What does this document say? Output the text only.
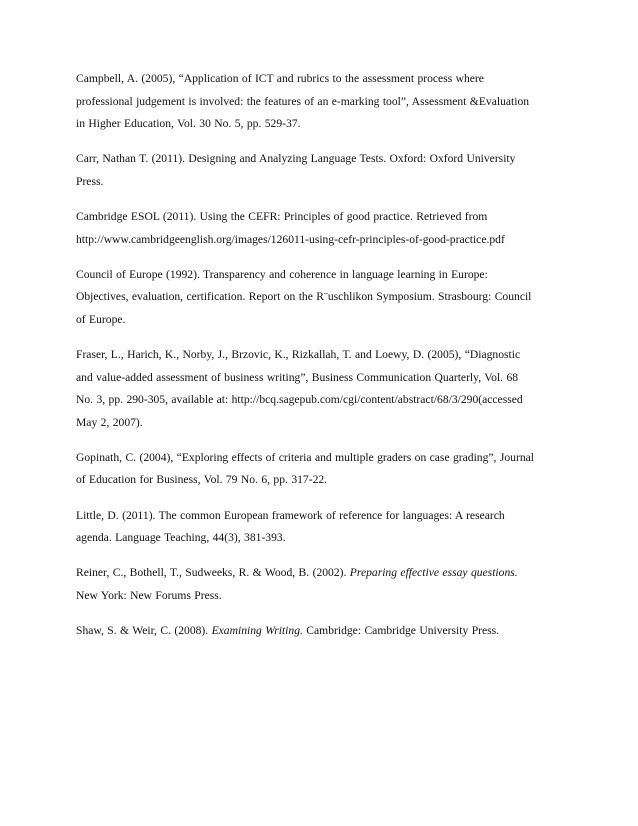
Campbell, A. (2005), “Application of ICT and rubrics to the assessment process where
professional judgement is involved: the features of an e-marking tool”, Assessment &Evaluation
in Higher Education, Vol. 30 No. 5, pp. 529-37.

Carr, Nathan T. (2011). Designing and Analyzing Language Tests. Oxford: Oxford University
Press.

Cambridge ESOL (2011). Using the CEFR: Principles of good practice. Retrieved from
http://www.cambridgeenglish.org/images/126011-using-cefr-principles-of-good-practice.pdf

Council of Europe (1992). Transparency and coherence in language learning in Europe:
Objectives, evaluation, certification. Report on the R¨uschlikon Symposium. Strasbourg: Council
of Europe.

Fraser, L., Harich, K., Norby, J., Brzovic, K., Rizkallah, T. and Loewy, D. (2005), “Diagnostic
and value-added assessment of business writing”, Business Communication Quarterly, Vol. 68
No. 3, pp. 290-305, available at: http://bcq.sagepub.com/cgi/content/abstract/68/3/290(accessed
May 2, 2007).

Gopinath, C. (2004), “Exploring effects of criteria and multiple graders on case grading”, Journal
of Education for Business, Vol. 79 No. 6, pp. 317-22.

Little, D. (2011). The common European framework of reference for languages: A research
agenda. Language Teaching, 44(3), 381-393.

Reiner, C., Bothell, T., Sudweeks, R. & Wood, B. (2002). Preparing effective essay questions.
New York: New Forums Press.

Shaw, S. & Weir, C. (2008). Examining Writing. Cambridge: Cambridge University Press.
